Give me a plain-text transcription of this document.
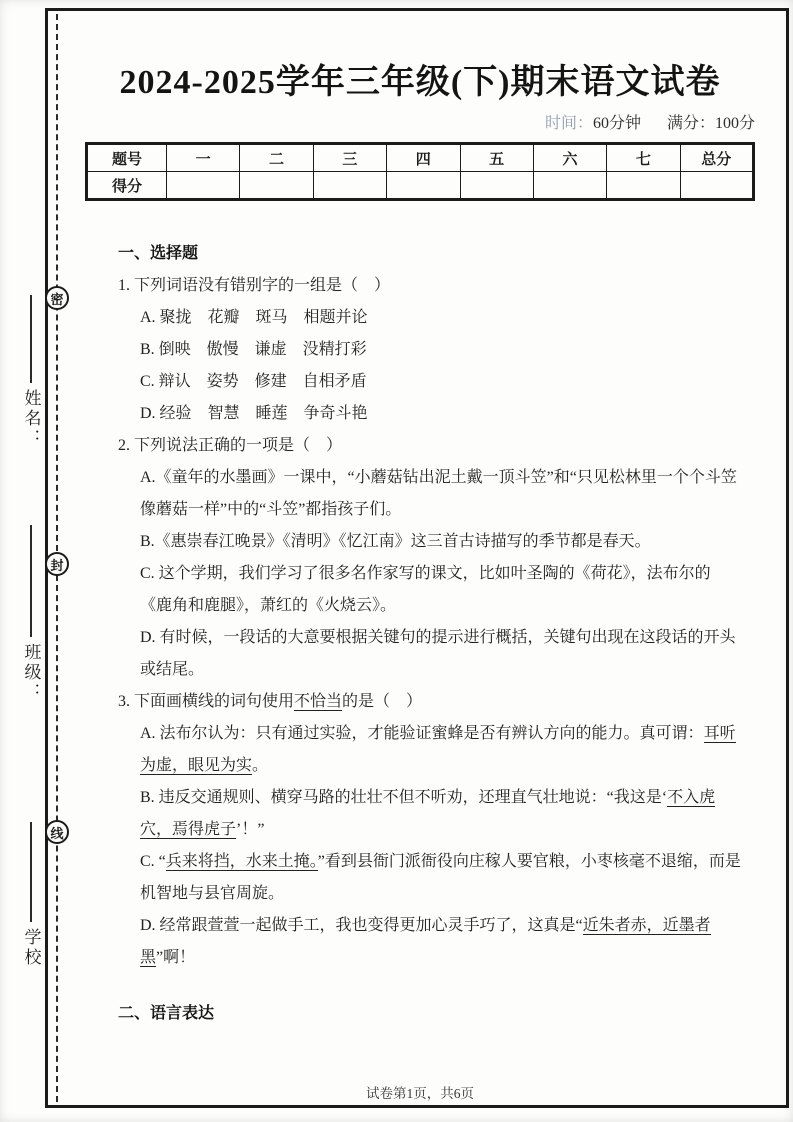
密
封
线
姓名：
班级：
学校
2024-2025学年三年级(下)期末语文试卷
时间：60分钟 满分：100分
题号	一	二	三	四	五	六	七	总分
得分								
一、选择题
1. 下列词语没有错别字的一组是（　）
A. 聚拢　花瓣　斑马　相题并论
B. 倒映　傲慢　谦虚　没精打彩
C. 辩认　姿势　修建　自相矛盾
D. 经验　智慧　睡莲　争奇斗艳
2. 下列说法正确的一项是（　）
A.《童年的水墨画》一课中，“小蘑菇钻出泥土戴一顶斗笠”和“只见松林里一个个斗笠像蘑菇一样”中的“斗笠”都指孩子们。
B.《惠崇春江晚景》《清明》《忆江南》这三首古诗描写的季节都是春天。
C. 这个学期，我们学习了很多名作家写的课文，比如叶圣陶的《荷花》，法布尔的《鹿角和鹿腿》，萧红的《火烧云》。
D. 有时候，一段话的大意要根据关键句的提示进行概括，关键句出现在这段话的开头或结尾。
3. 下面画横线的词句使用不恰当的是（　）
A. 法布尔认为：只有通过实验，才能验证蜜蜂是否有辨认方向的能力。真可谓：耳听为虚，眼见为实。
B. 违反交通规则、横穿马路的壮壮不但不听劝，还理直气壮地说：“我这是‘不入虎穴，焉得虎子’！”
C. “兵来将挡，水来土掩。”看到县衙门派衙役向庄稼人要官粮，小枣核毫不退缩，而是机智地与县官周旋。
D. 经常跟萱萱一起做手工，我也变得更加心灵手巧了，这真是“近朱者赤，近墨者黑”啊！
二、语言表达
试卷第1页，共6页
